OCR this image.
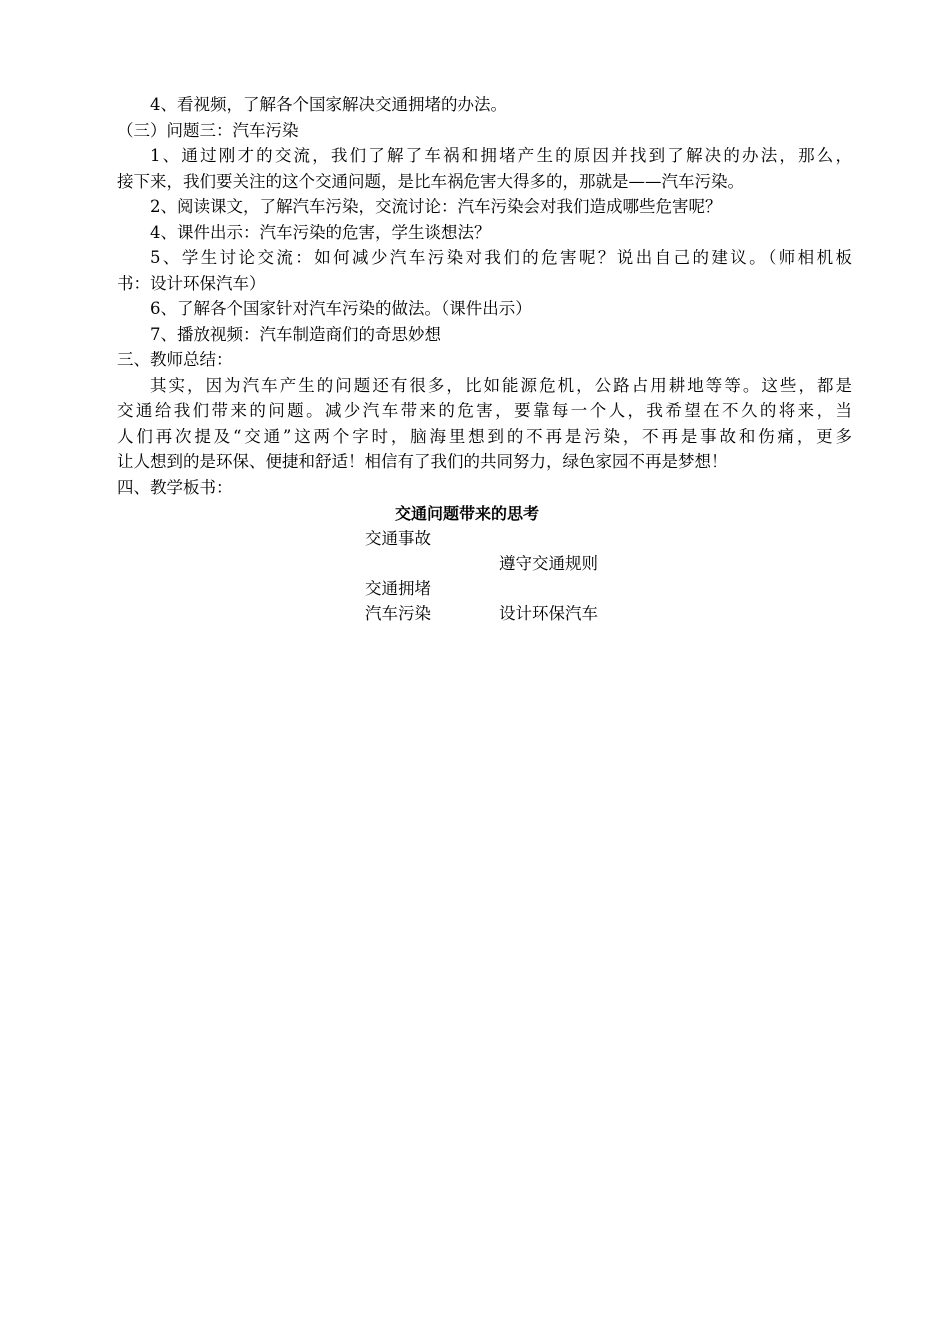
4、看视频，了解各个国家解决交通拥堵的办法。
（三）问题三：汽车污染
1、通过刚才的交流，我们了解了车祸和拥堵产生的原因并找到了解决的办法，那么，
接下来，我们要关注的这个交通问题，是比车祸危害大得多的，那就是——汽车污染。
2、阅读课文，了解汽车污染，交流讨论：汽车污染会对我们造成哪些危害呢？
4、课件出示：汽车污染的危害，学生谈想法？
5、学生讨论交流：如何减少汽车污染对我们的危害呢？说出自己的建议。（师相机板
书：设计环保汽车）
6、了解各个国家针对汽车污染的做法。（课件出示）
7、播放视频：汽车制造商们的奇思妙想
三、教师总结：
其实，因为汽车产生的问题还有很多，比如能源危机，公路占用耕地等等。这些，都是
交通给我们带来的问题。减少汽车带来的危害，要靠每一个人，我希望在不久的将来，当
人们再次提及“交通”这两个字时，脑海里想到的不再是污染，不再是事故和伤痛，更多
让人想到的是环保、便捷和舒适！相信有了我们的共同努力，绿色家园不再是梦想！
四、教学板书：
交通问题带来的思考
交通事故
遵守交通规则
交通拥堵
汽车污染	设计环保汽车
